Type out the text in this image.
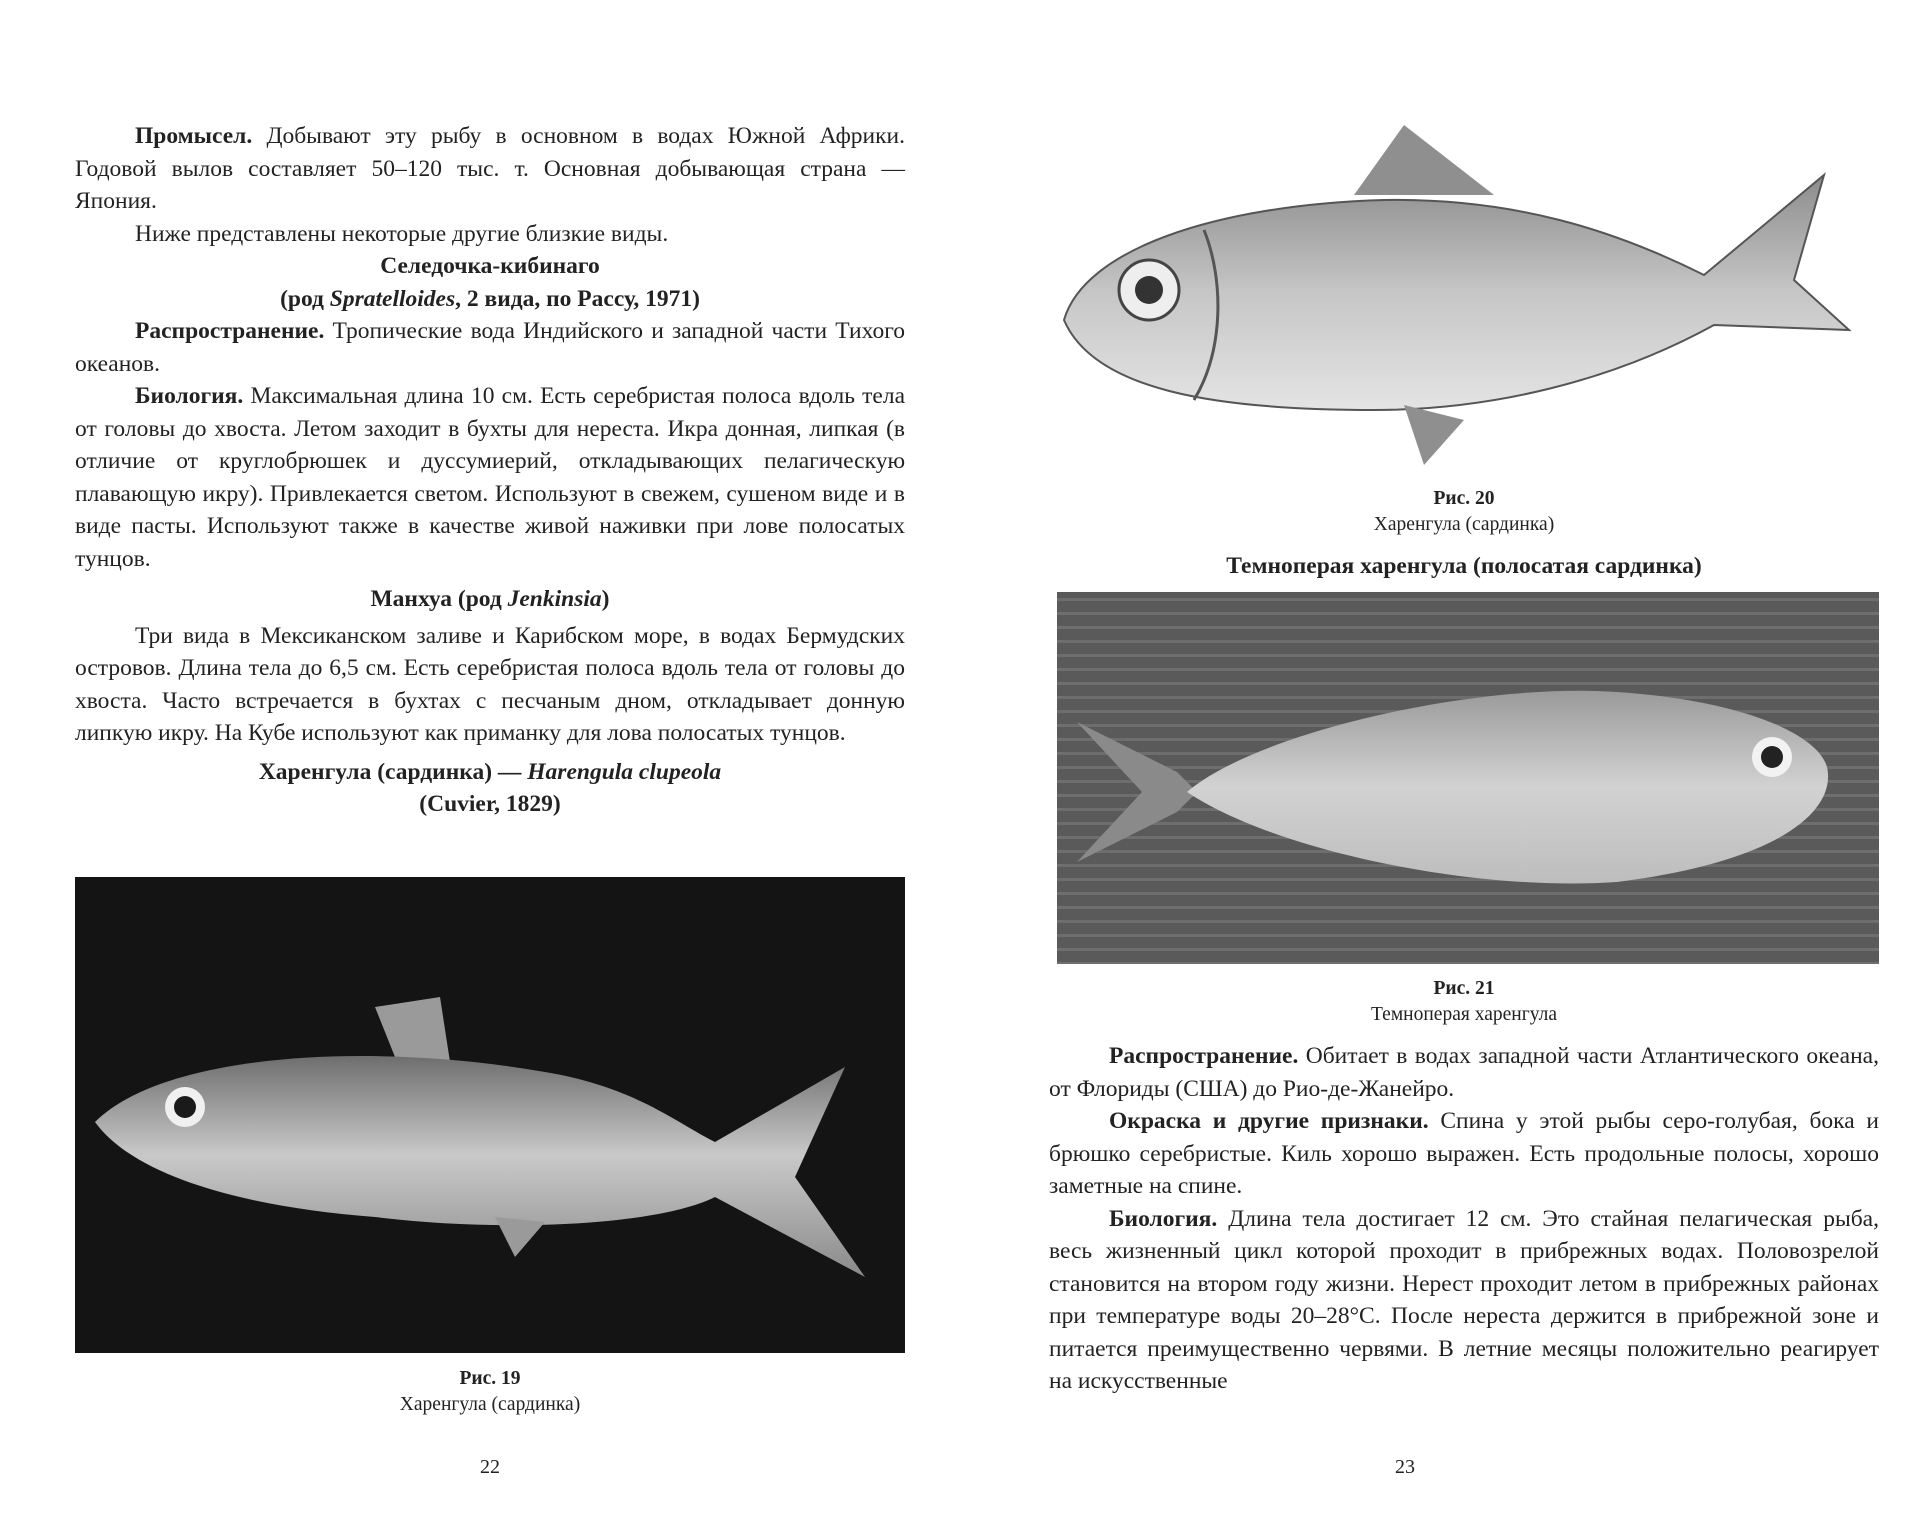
Промысел. Добывают эту рыбу в основном в водах Южной Африки. Годовой вылов составляет 50–120 тыс. т. Основная добывающая страна — Япония.

Ниже представлены некоторые другие близкие виды.

Селедочка-кибинаго

(род Spratelloides, 2 вида, по Рассу, 1971)

Распространение. Тропические вода Индийского и западной части Тихого океанов.

Биология. Максимальная длина 10 см. Есть серебристая полоса вдоль тела от головы до хвоста. Летом заходит в бухты для нереста. Икра донная, липкая (в отличие от круглобрюшек и дуссумиерий, откладывающих пелагическую плавающую икру). Привлекается светом. Используют в свежем, сушеном виде и в виде пасты. Используют также в качестве живой наживки при лове полосатых тунцов.

Манхуа (род Jenkinsia)

Три вида в Мексиканском заливе и Карибском море, в водах Бермудских островов. Длина тела до 6,5 см. Есть серебристая полоса вдоль тела от головы до хвоста. Часто встречается в бухтах с песчаным дном, откладывает донную липкую икру. На Кубе используют как приманку для лова полосатых тунцов.

Харенгула (сардинка) — Harengula clupeola

(Cuvier, 1829)

Рис. 19
Харенгула (сардинка)
22
Рис. 20
Харенгула (сардинка)

Темноперая харенгула (полосатая сардинка)

Рис. 21
Темноперая харенгула

Распространение. Обитает в водах западной части Атлантического океана, от Флориды (США) до Рио-де-Жанейро.

Окраска и другие признаки. Спина у этой рыбы серо-голубая, бока и брюшко серебристые. Киль хорошо выражен. Есть продольные полосы, хорошо заметные на спине.

Биология. Длина тела достигает 12 см. Это стайная пелагическая рыба, весь жизненный цикл которой проходит в прибрежных водах. Половозрелой становится на втором году жизни. Нерест проходит летом в прибрежных районах при температуре воды 20–28°С. После нереста держится в прибрежной зоне и питается преимущественно червями. В летние месяцы положительно реагирует на искусственные

23
